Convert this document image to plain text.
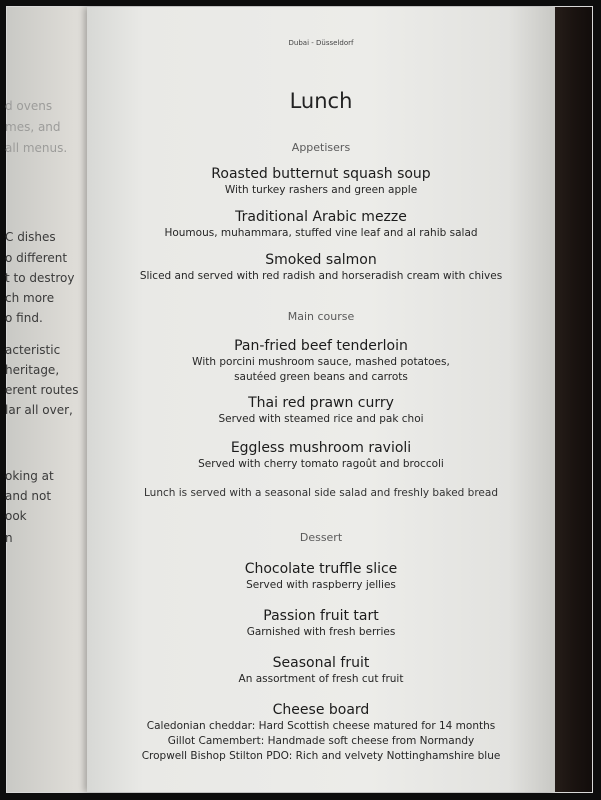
d ovens
mes, and
all menus.
C dishes
o different
t to destroy
ch more
o find.
acteristic
heritage,
erent routes
lar all over,
oking at
and not
ook
n
Dubai - Düsseldorf
Lunch
Appetisers
Roasted butternut squash soup
With turkey rashers and green apple
Traditional Arabic mezze
Houmous, muhammara, stuffed vine leaf and al rahib salad
Smoked salmon
Sliced and served with red radish and horseradish cream with chives
Main course
Pan-fried beef tenderloin
With porcini mushroom sauce, mashed potatoes,
sautéed green beans and carrots
Thai red prawn curry
Served with steamed rice and pak choi
Eggless mushroom ravioli
Served with cherry tomato ragoût and broccoli
Lunch is served with a seasonal side salad and freshly baked bread
Dessert
Chocolate truffle slice
Served with raspberry jellies
Passion fruit tart
Garnished with fresh berries
Seasonal fruit
An assortment of fresh cut fruit
Cheese board
Caledonian cheddar: Hard Scottish cheese matured for 14 months
Gillot Camembert: Handmade soft cheese from Normandy
Cropwell Bishop Stilton PDO: Rich and velvety Nottinghamshire blue
